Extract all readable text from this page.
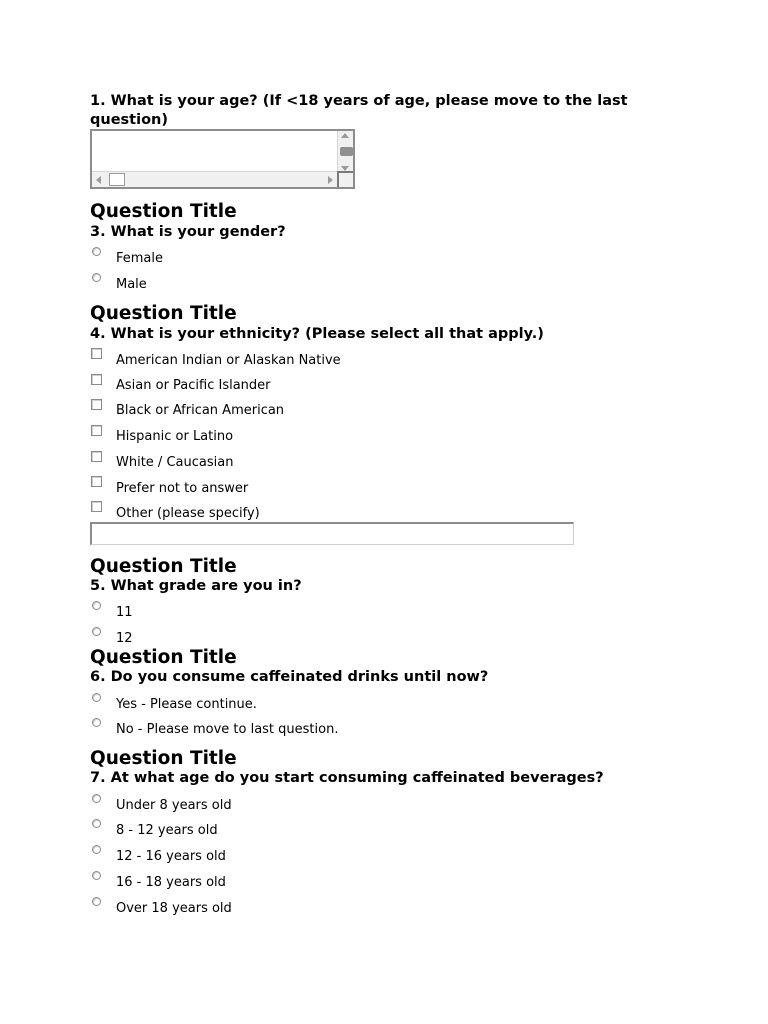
1. What is your age? (If <18 years of age, please move to the last
question)
Question Title
3. What is your gender?
Female
Male
Question Title
4. What is your ethnicity? (Please select all that apply.)
American Indian or Alaskan Native
Asian or Pacific Islander
Black or African American
Hispanic or Latino
White / Caucasian
Prefer not to answer
Other (please specify)
Question Title
5. What grade are you in?
11
12
Question Title
6. Do you consume caffeinated drinks until now?
Yes - Please continue.
No - Please move to last question.
Question Title
7. At what age do you start consuming caffeinated beverages?
Under 8 years old
8 - 12 years old
12 - 16 years old
16 - 18 years old
Over 18 years old
